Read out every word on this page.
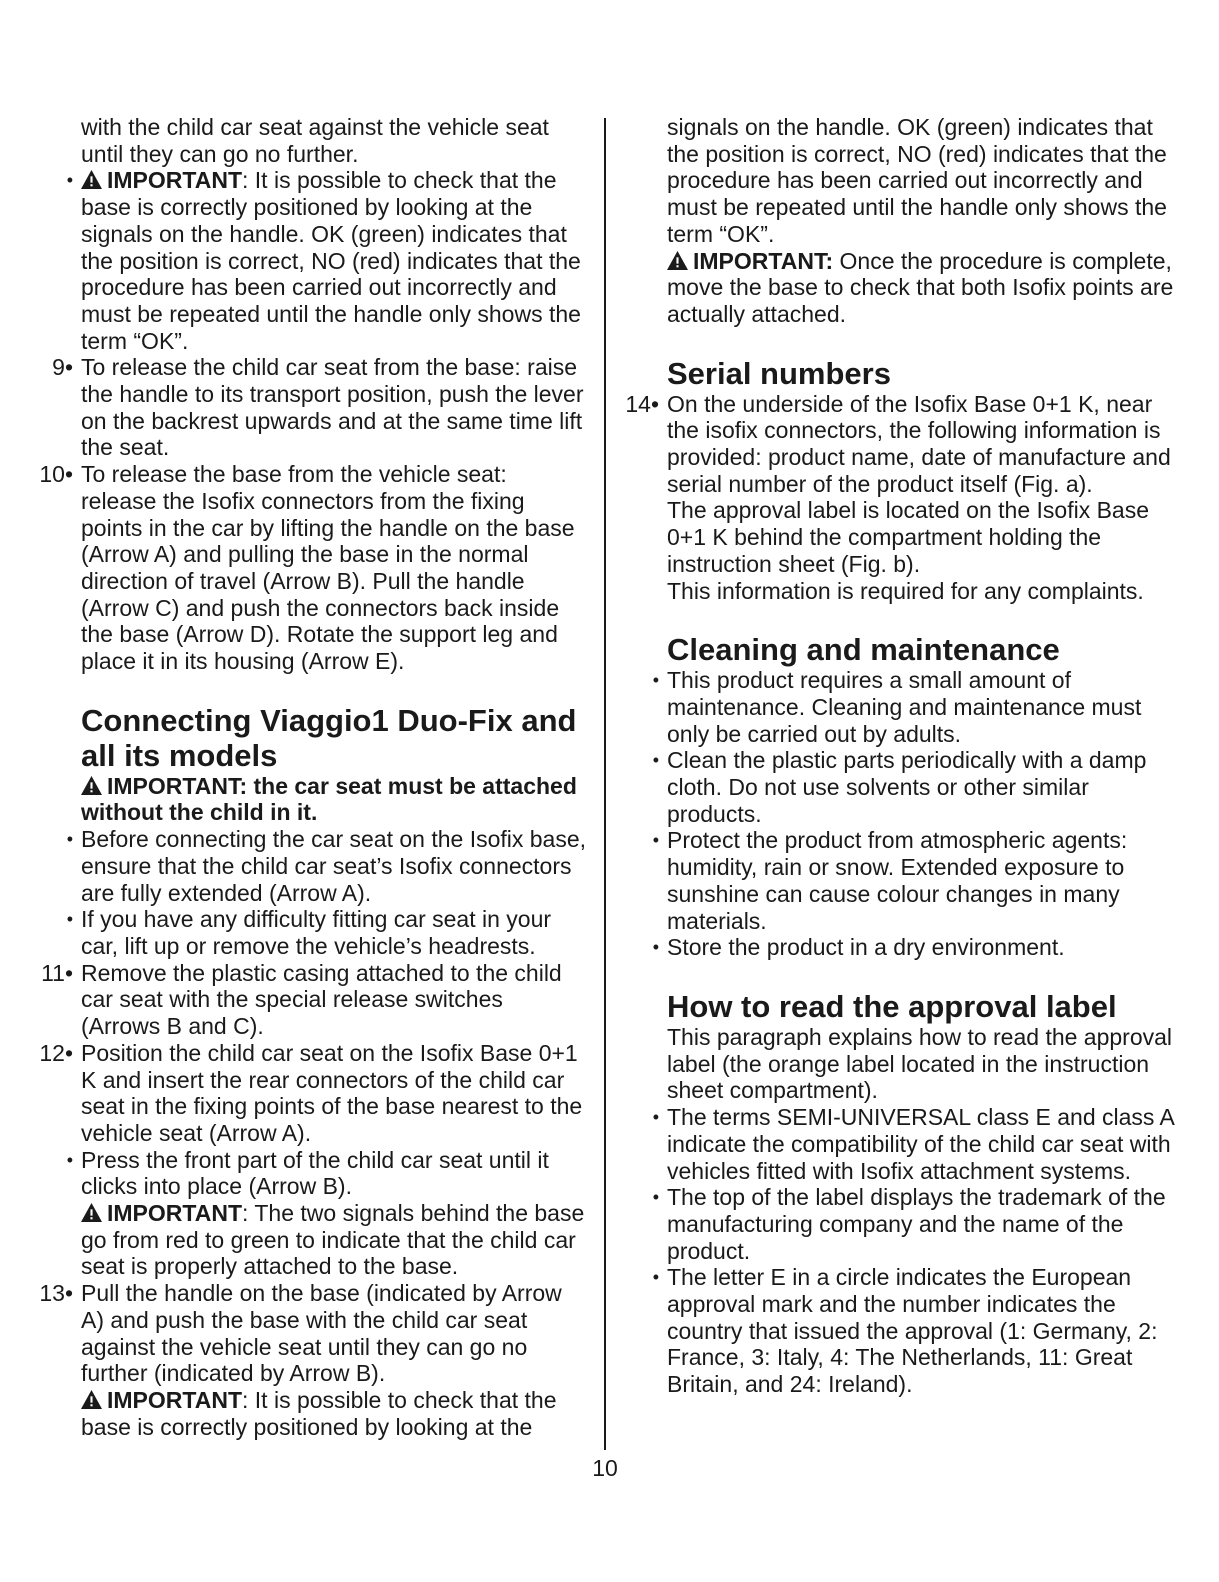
with the child car seat against the vehicle seat
until they can go no further.
• IMPORTANT: It is possible to check that the base is correctly positioned by looking at the signals on the handle. OK (green) indicates that the position is correct, NO (red) indicates that the procedure has been carried out incorrectly and must be repeated until the handle only shows the term “OK”.
9• To release the child car seat from the base: raise the handle to its transport position, push the lever on the backrest upwards and at the same time lift the seat.
10• To release the base from the vehicle seat: release the Isofix connectors from the fixing points in the car by lifting the handle on the base (Arrow A) and pulling the base in the normal direction of travel (Arrow B). Pull the handle (Arrow C) and push the connectors back inside the base (Arrow D). Rotate the support leg and place it in its housing (Arrow E).
Connecting Viaggio1 Duo-Fix and all its models
IMPORTANT: the car seat must be attached without the child in it.
• Before connecting the car seat on the Isofix base, ensure that the child car seat’s Isofix connectors are fully extended (Arrow A).
• If you have any difficulty fitting car seat in your car, lift up or remove the vehicle’s headrests.
11• Remove the plastic casing attached to the child car seat with the special release switches (Arrows B and C).
12• Position the child car seat on the Isofix Base 0+1 K and insert the rear connectors of the child car seat in the fixing points of the base nearest to the vehicle seat (Arrow A).
• Press the front part of the child car seat until it clicks into place (Arrow B).
IMPORTANT: The two signals behind the base go from red to green to indicate that the child car seat is properly attached to the base.
13• Pull the handle on the base (indicated by Arrow A) and push the base with the child car seat against the vehicle seat until they can go no further (indicated by Arrow B).
IMPORTANT: It is possible to check that the base is correctly positioned by looking at the
signals on the handle. OK (green) indicates that the position is correct, NO (red) indicates that the procedure has been carried out incorrectly and must be repeated until the handle only shows the term “OK”.
IMPORTANT: Once the procedure is complete, move the base to check that both Isofix points are actually attached.
Serial numbers
14• On the underside of the Isofix Base 0+1 K, near the isofix connectors, the following information is provided: product name, date of manufacture and serial number of the product itself (Fig. a).
The approval label is located on the Isofix Base 0+1 K behind the compartment holding the instruction sheet (Fig. b).
This information is required for any complaints.
Cleaning and maintenance
• This product requires a small amount of maintenance. Cleaning and maintenance must only be carried out by adults.
• Clean the plastic parts periodically with a damp cloth. Do not use solvents or other similar products.
• Protect the product from atmospheric agents: humidity, rain or snow. Extended exposure to sunshine can cause colour changes in many materials.
• Store the product in a dry environment.
How to read the approval label
This paragraph explains how to read the approval label (the orange label located in the instruction sheet compartment).
• The terms SEMI-UNIVERSAL class E and class A indicate the compatibility of the child car seat with vehicles fitted with Isofix attachment systems.
• The top of the label displays the trademark of the manufacturing company and the name of the product.
• The letter E in a circle indicates the European approval mark and the number indicates the country that issued the approval (1: Germany, 2: France, 3: Italy, 4: The Netherlands, 11: Great Britain, and 24: Ireland).
10
